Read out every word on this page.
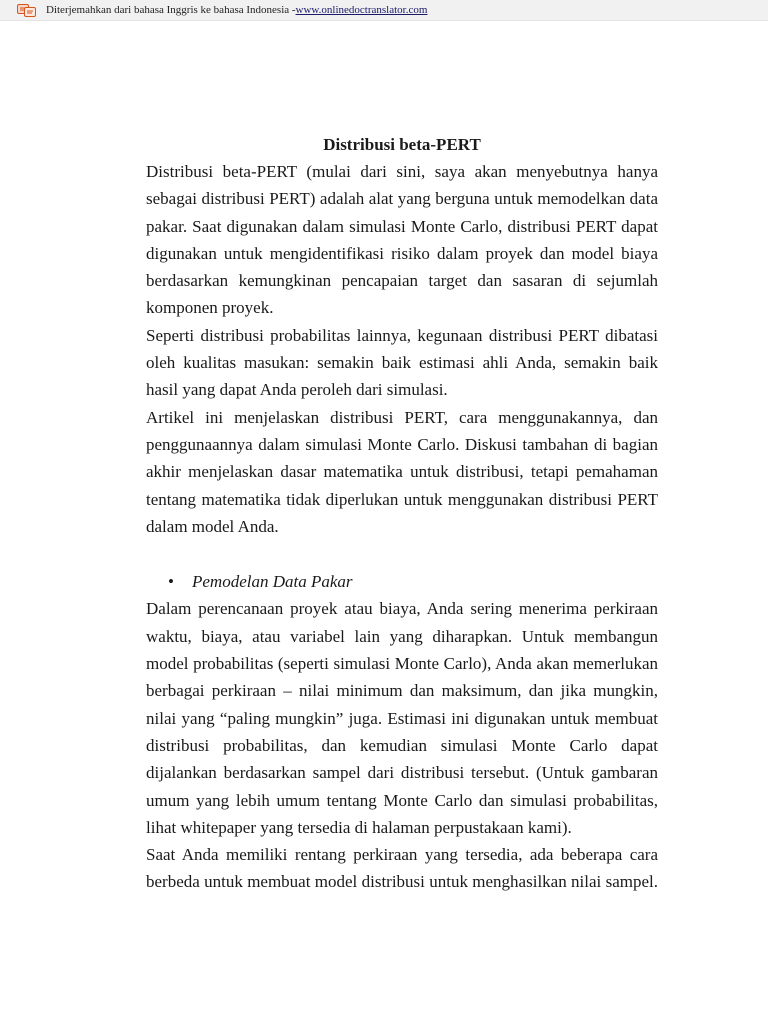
Diterjemahkan dari bahasa Inggris ke bahasa Indonesia - www.onlinedoctranslator.com
Distribusi beta-PERT

Distribusi beta-PERT (mulai dari sini, saya akan menyebutnya hanya sebagai distribusi PERT) adalah alat yang berguna untuk memodelkan data pakar. Saat digunakan dalam simulasi Monte Carlo, distribusi PERT dapat digunakan untuk mengidentifikasi risiko dalam proyek dan model biaya berdasarkan kemungkinan pencapaian target dan sasaran di sejumlah komponen proyek.

Seperti distribusi probabilitas lainnya, kegunaan distribusi PERT dibatasi oleh kualitas masukan: semakin baik estimasi ahli Anda, semakin baik hasil yang dapat Anda peroleh dari simulasi.

Artikel ini menjelaskan distribusi PERT, cara menggunakannya, dan penggunaannya dalam simulasi Monte Carlo. Diskusi tambahan di bagian akhir menjelaskan dasar matematika untuk distribusi, tetapi pemahaman tentang matematika tidak diperlukan untuk menggunakan distribusi PERT dalam model Anda.

•	Pemodelan Data Pakar

Dalam perencanaan proyek atau biaya, Anda sering menerima perkiraan waktu, biaya, atau variabel lain yang diharapkan. Untuk membangun model probabilitas (seperti simulasi Monte Carlo), Anda akan memerlukan berbagai perkiraan – nilai minimum dan maksimum, dan jika mungkin, nilai yang “paling mungkin” juga. Estimasi ini digunakan untuk membuat distribusi probabilitas, dan kemudian simulasi Monte Carlo dapat dijalankan berdasarkan sampel dari distribusi tersebut. (Untuk gambaran umum yang lebih umum tentang Monte Carlo dan simulasi probabilitas, lihat whitepaper yang tersedia di halaman perpustakaan kami).

Saat Anda memiliki rentang perkiraan yang tersedia, ada beberapa cara berbeda untuk membuat model distribusi untuk menghasilkan nilai sampel.
